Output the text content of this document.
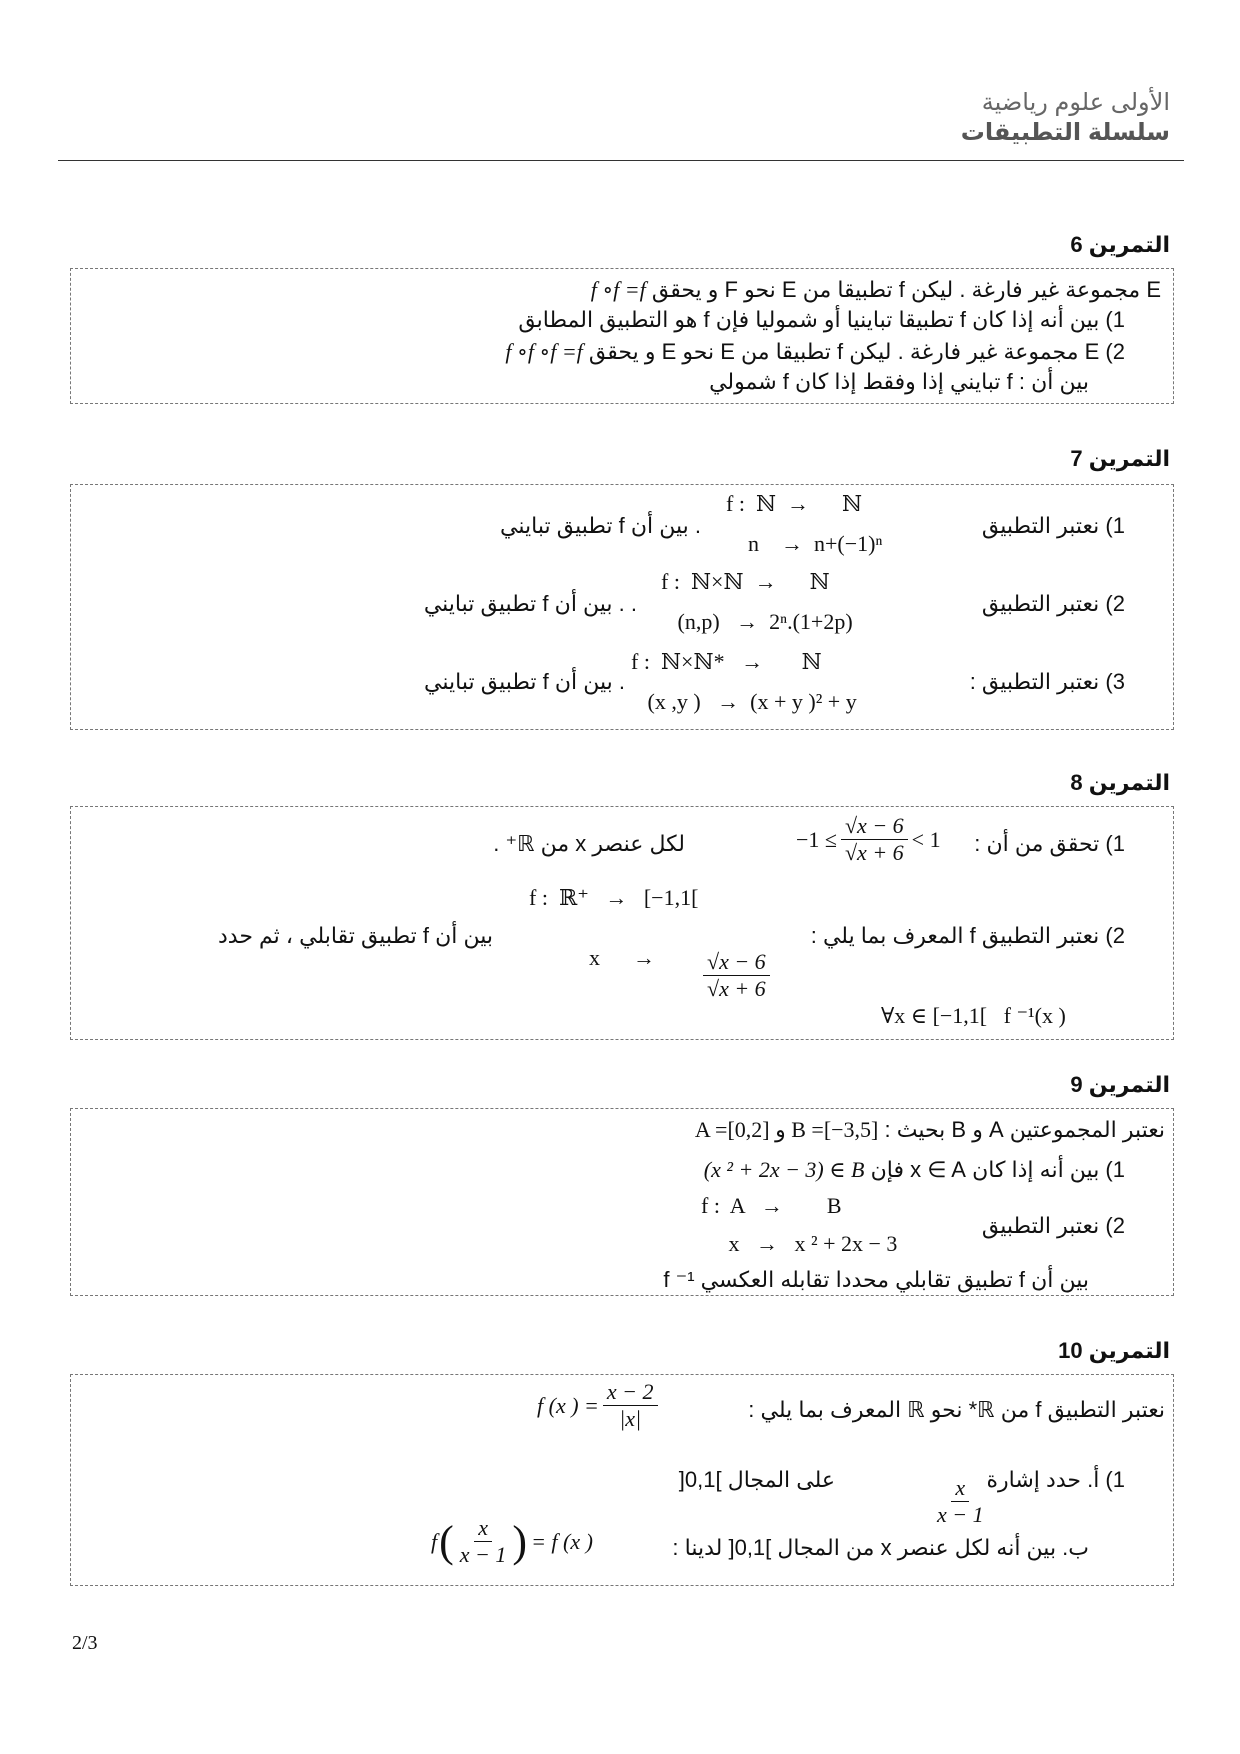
الأولى علوم رياضية
سلسلة التطبيقات
التمرين 6
E مجموعة غير فارغة . ليكن f تطبيقا من E نحو F و يحقق f ∘f =f
1) بين أنه إذا كان f تطبيقا تباينيا أو شموليا فإن f هو التطبيق المطابق
2) E مجموعة غير فارغة . ليكن f تطبيقا من E نحو E و يحقق f ∘f ∘f =f
بين أن : f تبايني إذا وفقط إذا كان f شمولي
التمرين 7
1) نعتبر التطبيق
f :  ℕ  →      ℕ
n    →  n+(−1)ⁿ
. بين أن f تطبيق تبايني
2) نعتبر التطبيق
f :  ℕ×ℕ  →      ℕ
(n,p)   →  2ⁿ.(1+2p)
. . بين أن f تطبيق تبايني
3) نعتبر التطبيق :
f :  ℕ×ℕ*   →       ℕ
(x ,y )   →  (x + y )² + y
. بين أن f تطبيق تبايني
التمرين 8
1) تحقق من أن :
$-1 \le \frac{√x - 6}{√x + 6} < 1$
لكل عنصر x من ℝ⁺ .
2) نعتبر التطبيق f المعرف بما يلي :
f :  ℝ⁺   →   [−1,1[
x      →

$\frac{√x - 6}{√x + 6}$

بين أن f تطبيق تقابلي ، ثم حدد
∀x ∈ [−1,1[   f ⁻¹(x )
التمرين 9
نعتبر المجموعتين A و B بحيث : B =[−3,5] و A =[0,2]
1) بين أنه إذا كان x ∈ A فإن (x ² + 2x − 3) ∈ B
2) نعتبر التطبيق
f :  A   →        B
x   →   x ² + 2x − 3
بين أن f تطبيق تقابلي محددا تقابله العكسي f ⁻¹
التمرين 10
نعتبر التطبيق f من ℝ* نحو ℝ المعرف بما يلي :
f (x ) = $\frac{x - 2}{|x|}$
1) أ. حدد إشارة

$\frac{x}{x - 1}$

على المجال ]0,1[
ب. بين أنه لكل عنصر x من المجال ]0,1[ لدينا :
f ( $\frac{x}{x - 1}$ ) = f (x )
2/3
